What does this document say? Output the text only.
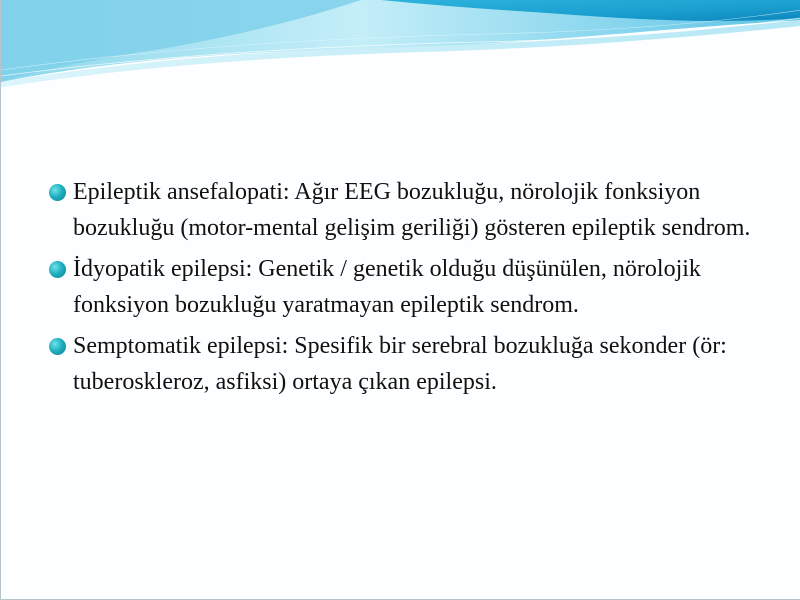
Epileptik ansefalopati: Ağır EEG bozukluğu, nörolojik fonksiyon bozukluğu (motor-mental gelişim geriliği) gösteren epileptik sendrom.
İdyopatik epilepsi: Genetik / genetik olduğu düşünülen, nörolojik fonksiyon bozukluğu yaratmayan epileptik sendrom.
Semptomatik epilepsi: Spesifik bir serebral bozukluğa sekonder (ör: tuberoskleroz, asfiksi) ortaya çıkan epilepsi.
